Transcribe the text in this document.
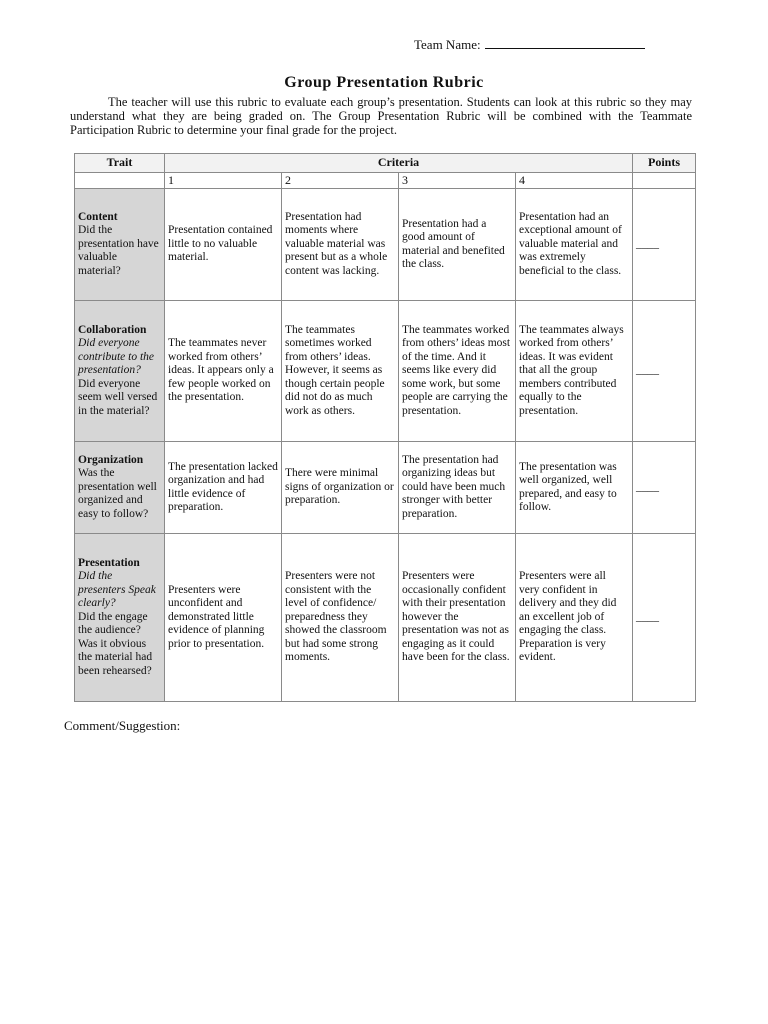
Team Name:
Group Presentation Rubric
The teacher will use this rubric to evaluate each group’s presentation. Students can look at this rubric so they may understand what they are being graded on. The Group Presentation Rubric will be combined with the Teammate Participation Rubric to determine your final grade for the project.
Trait	Criteria				Points
	1	2	3	4	

Content
Did the presentation have valuable material?	Presentation contained little to no valuable material.	Presentation had moments where valuable material was present but as a whole content was lacking.	Presentation had a good amount of material and benefited the class.	Presentation had an exceptional amount of valuable material and was extremely beneficial to the class.	____

Collaboration
Did everyone contribute to the presentation?
Did everyone seem well versed in the material?	The teammates never worked from others’ ideas. It appears only a few people worked on the presentation.	The teammates sometimes worked from others’ ideas. However, it seems as though certain people did not do as much work as others.	The teammates worked from others’ ideas most of the time. And it seems like every did some work, but some people are carrying the presentation.	The teammates always worked from others’ ideas. It was evident that all the group members contributed equally to the presentation.	____

Organization
Was the presentation well organized and easy to follow?	The presentation lacked organization and had little evidence of preparation.	There were minimal signs of organization or preparation.	The presentation had organizing ideas but could have been much stronger with better preparation.	The presentation was well organized, well prepared, and easy to follow.	____

Presentation
Did the presenters Speak clearly?
Did the engage the audience? Was it obvious the material had been rehearsed?	Presenters were unconfident and demonstrated little evidence of planning prior to presentation.	Presenters were not consistent with the level of confidence/ preparedness they showed the classroom but had some strong moments.	Presenters were occasionally confident with their presentation however the presentation was not as engaging as it could have been for the class.	Presenters were all very confident in delivery and they did an excellent job of engaging the class. Preparation is very evident.	____
Comment/Suggestion:
